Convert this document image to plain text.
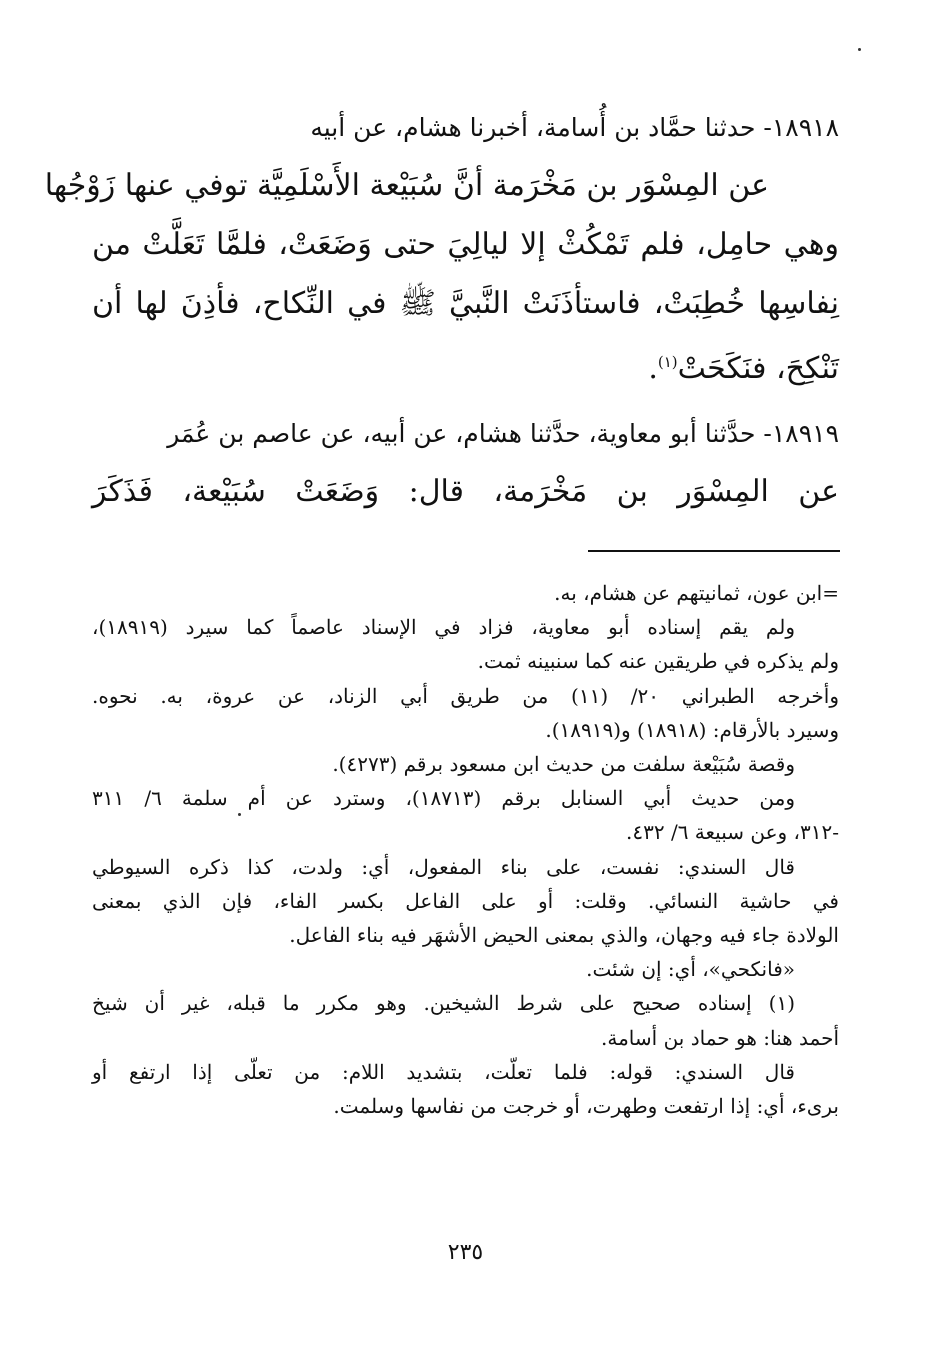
١٨٩١٨- حدثنا حمَّاد بن أُسامة، أخبرنا هشام، عن أبيه
عن المِسْوَر بن مَخْرَمة أنَّ سُبَيْعة الأَسْلَمِيَّة توفي عنها زَوْجُها
وهي حامِل، فلم تَمْكُثْ إلا ليالِيَ حتى وَضَعَتْ، فلمَّا تَعَلَّتْ من
نِفاسِها خُطِبَتْ، فاستأذَنَتْ النَّبيَّ ﷺ في النِّكاح، فأذِنَ لها أن
تَنْكِحَ، فنَكَحَتْ$^{(١)}$.
١٨٩١٩- حدَّثنا أبو معاوية، حدَّثنا هشام، عن أبيه، عن عاصم بن عُمَر
عن المِسْوَر بن مَخْرَمة، قال: وَضَعَتْ سُبَيْعة، فَذَكَرَ
=ابن عون، ثمانيتهم عن هشام، به.
ولم يقم إسناده أبو معاوية، فزاد في الإسناد عاصماً كما سيرد (١٨٩١٩)،
ولم يذكره في طريقين عنه كما سنبينه ثمت.
وأخرجه الطبراني ٢٠/ (١١) من طريق أبي الزناد، عن عروة، به. نحوه.
وسيرد بالأرقام: (١٨٩١٨) و(١٨٩١٩).
وقصة سُبَيْعة سلفت من حديث ابن مسعود برقم (٤٢٧٣).
ومن حديث أبي السنابل برقم (١٨٧١٣)، وسترد عن أم سلمة ٦/ ٣١١
-٣١٢، وعن سبيعة ٦/ ٤٣٢.
قال السندي: نفست، على بناء المفعول، أي: ولدت، كذا ذكره السيوطي
في حاشية النسائي. وقلت: أو على الفاعل بكسر الفاء، فإن الذي بمعنى
الولادة جاء فيه وجهان، والذي بمعنى الحيض الأشهَر فيه بناء الفاعل.
«فانكحي»، أي: إن شئت.
(١) إسناده صحيح على شرط الشيخين. وهو مكرر ما قبله، غير أن شيخ
أحمد هنا: هو حماد بن أسامة.
قال السندي: قوله: فلما تعلّت، بتشديد اللام: من تعلّى إذا ارتفع أو
برىء، أي: إذا ارتفعت وطهرت، أو خرجت من نفاسها وسلمت.
٢٣٥
